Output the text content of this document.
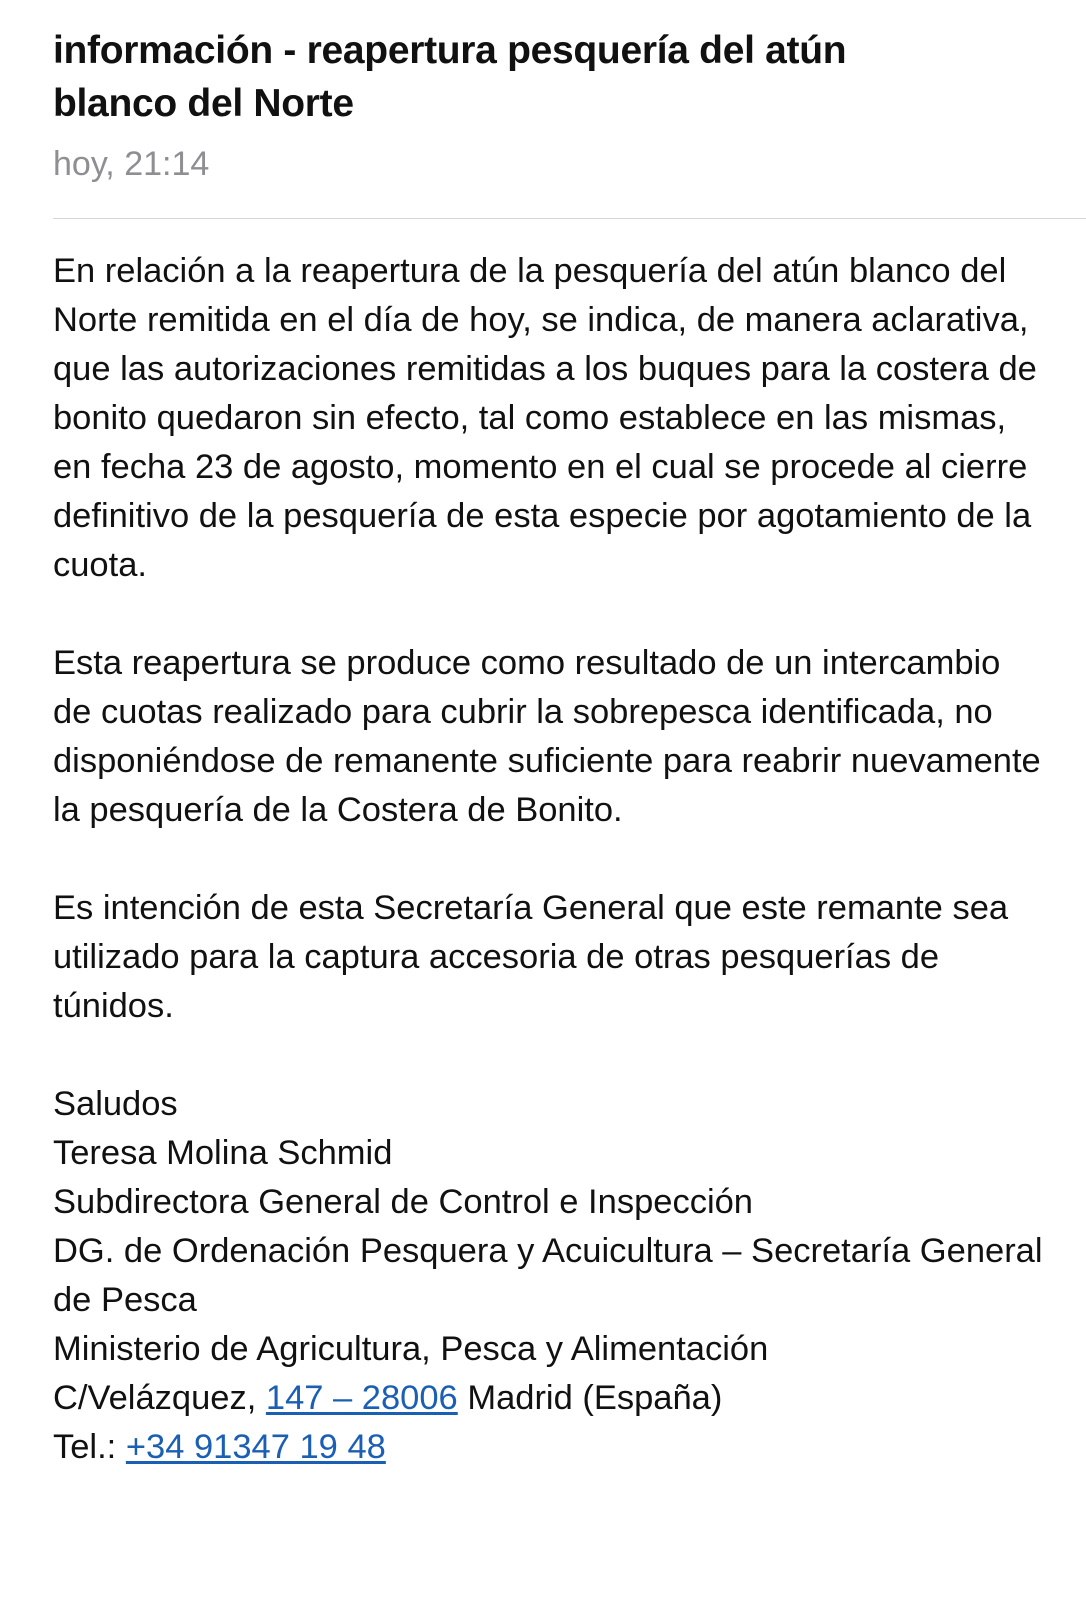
información - reapertura pesquería del atún blanco del Norte
hoy, 21:14

En relación a la reapertura de la pesquería del atún blanco del Norte remitida en el día de hoy, se indica, de manera aclarativa, que las autorizaciones remitidas a los buques para la costera de bonito quedaron sin efecto, tal como establece en las mismas, en fecha 23 de agosto, momento en el cual se procede al cierre definitivo de la pesquería de esta especie por agotamiento de la cuota.

Esta reapertura se produce como resultado de un intercambio de cuotas realizado para cubrir la sobrepesca identificada, no disponiéndose de remanente suficiente para reabrir nuevamente la pesquería de la Costera de Bonito.

Es intención de esta Secretaría General que este remante sea utilizado para la captura accesoria de otras pesquerías de túnidos.

Saludos
Teresa Molina Schmid
Subdirectora General de Control e Inspección
DG. de Ordenación Pesquera y Acuicultura – Secretaría General de Pesca
Ministerio de Agricultura, Pesca y Alimentación
C/Velázquez, 147 – 28006 Madrid (España)
Tel.: +34 91347 19 48
